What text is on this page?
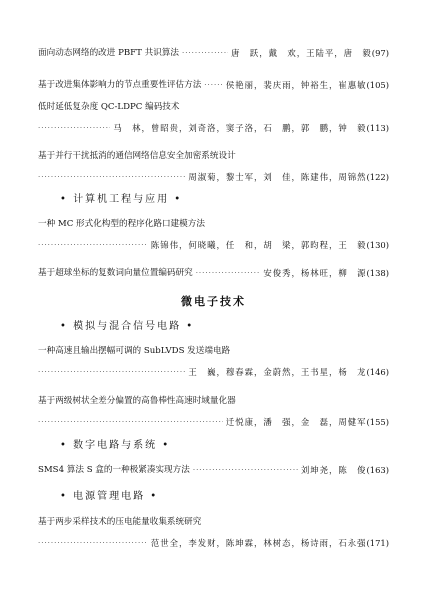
面向动态网络的改进 PBFT 共识算法 ·····	唐　跃，戴　欢，王陆平，唐　毅 (97)
基于改进集体影响力的节点重要性评估方法 ·····	侯艳丽，裴庆雨，钟裕生，崔惠敏 (105)
低时延低复杂度 QC-LDPC 编码技术
·····
马　林，曾昭贵，刘奇洛，窦子洛，石　鹏，郭　鹏，钟　毅 (113)
基于并行干扰抵消的通信网络信息安全加密系统设计
·····
周淑菊，黎士军，刘　佳，陈建伟，周锦然 (122)
• 计算机工程与应用 •
一种 MC 形式化构型的程序化路口建模方法
·····
陈锦伟，何晓曦，任　和，胡　梁，郭昀程，王　毅 (130)
基于超球坐标的复数词向量位置编码研究 ·····	安俊秀，杨林旺，柳　源 (138)
微电子技术
• 模拟与混合信号电路 •
一种高速且输出摆幅可调的 SubLVDS 发送端电路
·····
王　巍，穆春霖，金蔚然，王书星，杨　龙 (146)
基于两级树状全差分偏置的高鲁棒性高速时域量化器
·····
迁悦康，潘　强，金　磊，周健军 (155)
• 数字电路与系统 •
SMS4 算法 S 盒的一种极紧凑实现方法 ·····	刘坤尧，陈　俊 (163)
• 电源管理电路 •
基于两步采样技术的压电能量收集系统研究
·····
范世全，李发财，陈坤霖，林树态，杨诗雨，石永强 (171)
